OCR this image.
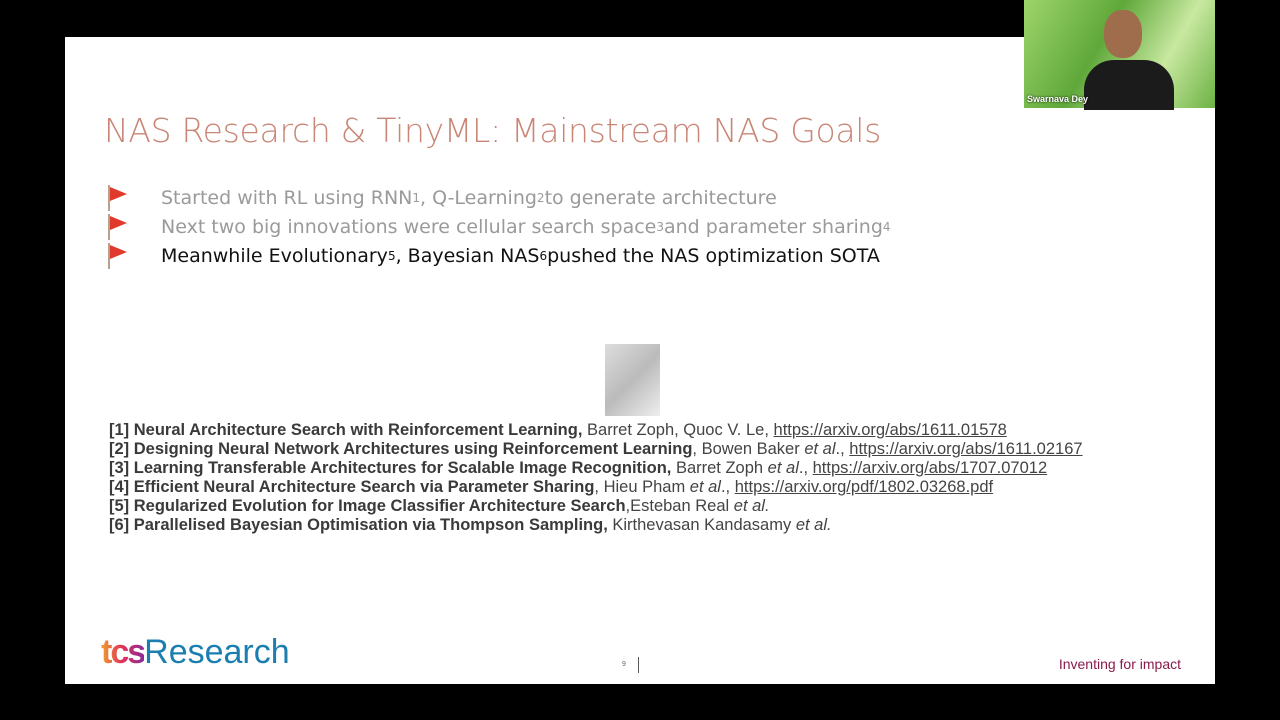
NAS Research & TinyML: Mainstream NAS Goals
Started with RL using RNN 1 , Q-Learning 2 to generate architecture
Next two big innovations were cellular search space 3 and parameter sharing 4
Meanwhile Evolutionary 5 , Bayesian NAS 6 pushed the NAS optimization SOTA
[1] Neural Architecture Search with Reinforcement Learning, Barret Zoph, Quoc V. Le, https://arxiv.org/abs/1611.01578
[2] Designing Neural Network Architectures using Reinforcement Learning, Bowen Baker et al., https://arxiv.org/abs/1611.02167
[3] Learning Transferable Architectures for Scalable Image Recognition, Barret Zoph et al., https://arxiv.org/abs/1707.07012
[4] Efficient Neural Architecture Search via Parameter Sharing, Hieu Pham et al., https://arxiv.org/pdf/1802.03268.pdf
[5] Regularized Evolution for Image Classifier Architecture Search,Esteban Real et al.
[6] Parallelised Bayesian Optimisation via Thompson Sampling, Kirthevasan Kandasamy et al.
tcsResearch	9	Inventing for impact
Swarnava Dey
